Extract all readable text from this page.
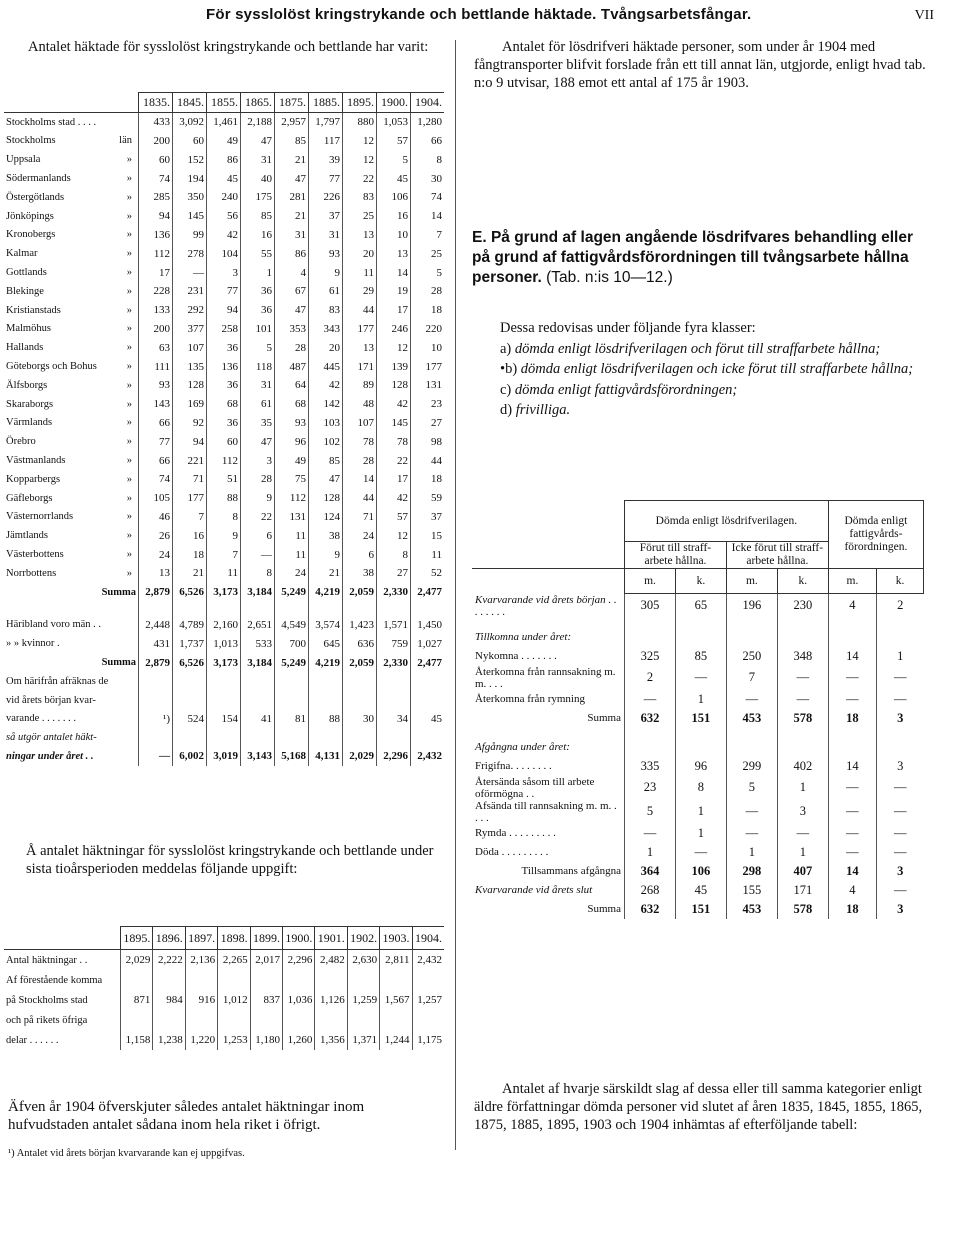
För sysslolöst kringstrykande och bettlande häktade. Tvångsarbetsfångar.	VII
Antalet häktade för sysslolöst kringstrykande och bettlande har varit:
	1835.	1845.	1855.	1865.	1875.	1885.	1895.	1900.	1904.
Stockholms stad . . . .	433	3,092	1,461	2,188	2,957	1,797	880	1,053	1,280
Stockholms län	200	60	49	47	85	117	12	57	66
Uppsala »	60	152	86	31	21	39	12	5	8
Södermanlands »	74	194	45	40	47	77	22	45	30
Östergötlands »	285	350	240	175	281	226	83	106	74
Jönköpings »	94	145	56	85	21	37	25	16	14
Kronobergs »	136	99	42	16	31	31	13	10	7
Kalmar »	112	278	104	55	86	93	20	13	25
Gottlands »	17	—	3	1	4	9	11	14	5
Blekinge »	228	231	77	36	67	61	29	19	28
Kristianstads »	133	292	94	36	47	83	44	17	18
Malmöhus »	200	377	258	101	353	343	177	246	220
Hallands »	63	107	36	5	28	20	13	12	10
Göteborgs och Bohus »	111	135	136	118	487	445	171	139	177
Älfsborgs »	93	128	36	31	64	42	89	128	131
Skaraborgs »	143	169	68	61	68	142	48	42	23
Värmlands »	66	92	36	35	93	103	107	145	27
Örebro »	77	94	60	47	96	102	78	78	98
Västmanlands »	66	221	112	3	49	85	28	22	44
Kopparbergs »	74	71	51	28	75	47	14	17	18
Gäfleborgs »	105	177	88	9	112	128	44	42	59
Västernorrlands »	46	7	8	22	131	124	71	57	37
Jämtlands »	26	16	9	6	11	38	24	12	15
Västerbottens »	24	18	7	—	11	9	6	8	11
Norrbottens »	13	21	11	8	24	21	38	27	52
Summa	2,879	6,526	3,173	3,184	5,249	4,219	2,059	2,330	2,477

Häribland voro män . .	2,448	4,789	2,160	2,651	4,549	3,574	1,423	1,571	1,450
» » kvinnor .	431	1,737	1,013	533	700	645	636	759	1,027
Summa	2,879	6,526	3,173	3,184	5,249	4,219	2,059	2,330	2,477
Om härifrån afräknas de									
vid årets början kvar-									
varande . . . . . . .	¹)	524	154	41	81	88	30	34	45
så utgör antalet häkt-									
ningar under året . .	—	6,002	3,019	3,143	5,168	4,131	2,029	2,296	2,432
Å antalet häktningar för sysslolöst kringstrykande och bettlande under sista tioårsperioden meddelas följande uppgift:
	1895.	1896.	1897.	1898.	1899.	1900.	1901.	1902.	1903.	1904.
Antal häktningar . .	2,029	2,222	2,136	2,265	2,017	2,296	2,482	2,630	2,811	2,432
Af förestående komma										
på Stockholms stad	871	984	916	1,012	837	1,036	1,126	1,259	1,567	1,257
och på rikets öfriga										
delar . . . . . .	1,158	1,238	1,220	1,253	1,180	1,260	1,356	1,371	1,244	1,175
Äfven år 1904 öfverskjuter således antalet häktningar inom hufvudstaden antalet sådana inom hela riket i öfrigt.
¹) Antalet vid årets början kvarvarande kan ej uppgifvas.
Antalet för lösdrifveri häktade personer, som under år 1904 med fångtransporter blifvit forslade från ett till annat län, utgjorde, enligt hvad tab. n:o 9 utvisar, 188 emot ett antal af 175 år 1903.
E. På grund af lagen angående lösdrifvares behandling eller på grund af fattigvårdsförordningen till tvångsarbete hållna personer. (Tab. n:is 10—12.)
Dessa redovisas under följande fyra klasser:
a) dömda enligt lösdrifverilagen och förut till straffarbete hållna;
•b) dömda enligt lösdrifverilagen och icke förut till straffarbete hållna;
c) dömda enligt fattigvårdsförordningen;
d) frivilliga.
	Dömda enligt lösdrifverilagen.				Dömda enligt fattigvårds-förordningen.	
	Förut till straff-arbete hållna.		Icke förut till straff-arbete hållna.			
	m.	k.	m.	k.	m.	k.
Kvarvarande vid årets början . . . . . . . .	305	65	196	230	4	2

Tillkomna under året:						
Nykomna . . . . . . .	325	85	250	348	14	1
Återkomna från rannsakning m. m. . . .	2	—	7	—	—	—
Återkomna från rymning	—	1	—	—	—	—
Summa	632	151	453	578	18	3

Afgångna under året:						
Frigifna. . . . . . . .	335	96	299	402	14	3
Återsända såsom till arbete oförmögna . .	23	8	5	1	—	—
Afsända till rannsakning m. m. . . . .	5	1	—	3	—	—
Rymda . . . . . . . . .	—	1	—	—	—	—
Döda . . . . . . . . .	1	—	1	1	—	—
Tillsammans afgångna	364	106	298	407	14	3
Kvarvarande vid årets slut	268	45	155	171	4	—
Summa	632	151	453	578	18	3
Antalet af hvarje särskildt slag af dessa eller till samma kategorier enligt äldre författningar dömda personer vid slutet af åren 1835, 1845, 1855, 1865, 1875, 1885, 1895, 1903 och 1904 inhämtas af efterföljande tabell:
